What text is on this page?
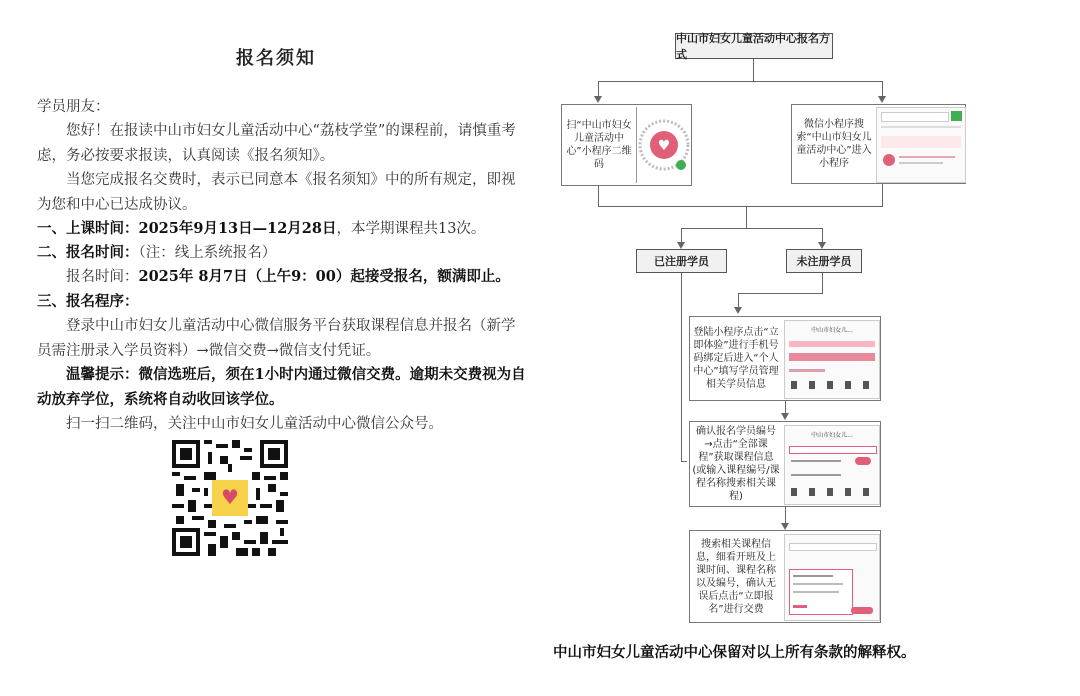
报名须知
学员朋友：
您好！在报读中山市妇女儿童活动中心“荔枝学堂”的课程前，请慎重考虑，务必按要求报读，认真阅读《报名须知》。
当您完成报名交费时，表示已同意本《报名须知》中的所有规定，即视为您和中心已达成协议。
一、上课时间：2025年9月13日—12月28日，本学期课程共13次。
二、报名时间：（注：线上系统报名）
报名时间：2025年 8月7日（上午9：00）起接受报名，额满即止。
三、报名程序：
登录中山市妇女儿童活动中心微信服务平台获取课程信息并报名（新学员需注册录入学员资料）→微信交费→微信支付凭证。
温馨提示：微信选班后，须在1小时内通过微信交费。逾期未交费视为自动放弃学位，系统将自动收回该学位。
扫一扫二维码，关注中山市妇女儿童活动中心微信公众号。
♥
中山市妇女儿童活动中心报名方式
扫“中山市妇女儿童活动中心”小程序二维码
♥
微信小程序搜索“中山市妇女儿童活动中心”进入小程序
已注册学员	未注册学员
登陆小程序点击“立即体验”进行手机号码绑定后进入“个人中心”填写学员管理相关学员信息
中山市妇女儿...
确认报名学员编号→点击“全部课程”获取课程信息(或输入课程编号/课程名称搜索相关课程)
中山市妇女儿...
搜索相关课程信息，细看开班及上课时间、课程名称以及编号，确认无误后点击“立即报名”进行交费
中山市妇女儿童活动中心保留对以上所有条款的解释权。
